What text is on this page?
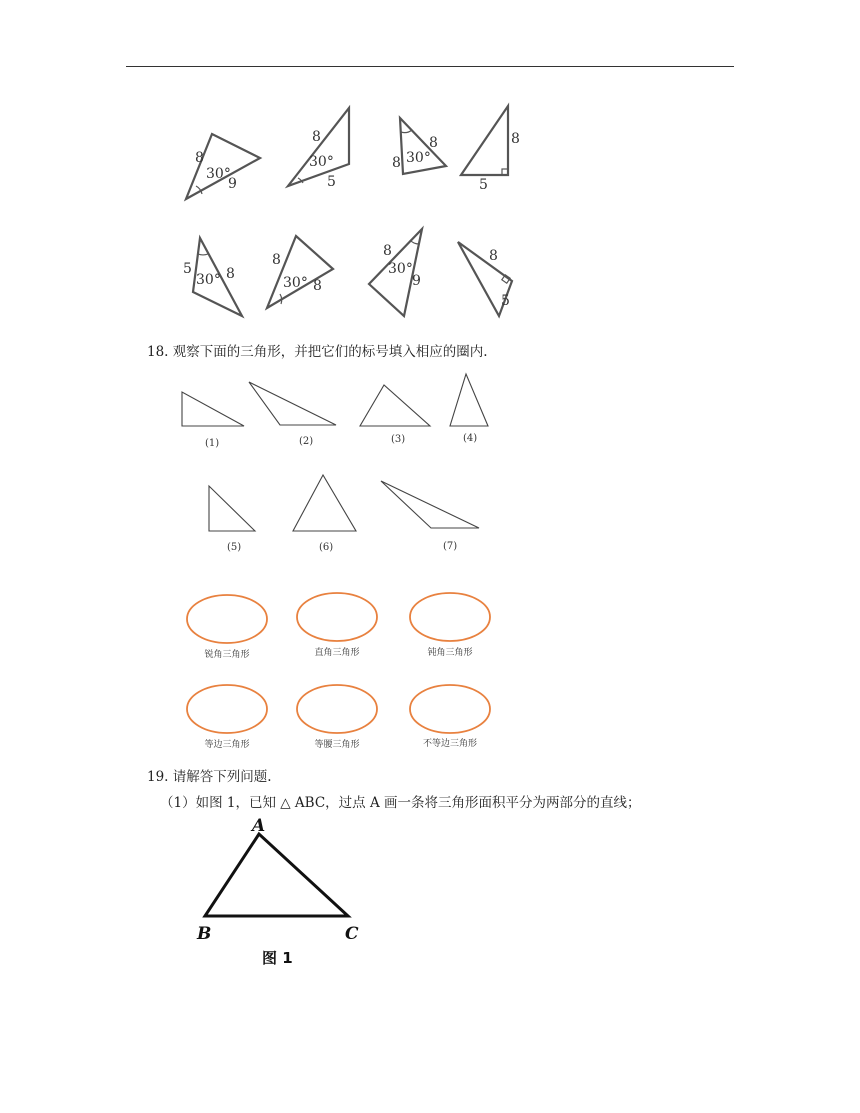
8
30°
9
8
30°
5
8 30°
8	8
5
5
30° 8
8
30° 8
8
30°
9
8
5
18. 观察下面的三角形，并把它们的标号填入相应的圈内.
(1)	(2)	(3)	(4)
(5)	(6)	(7)
锐角三角形	直角三角形	钝角三角形
等边三角形	等腰三角形	不等边三角形
19. 请解答下列问题.
（1）如图 1，已知 △ ABC，过点 A 画一条将三角形面积平分为两部分的直线；
A
B	C
图 1
